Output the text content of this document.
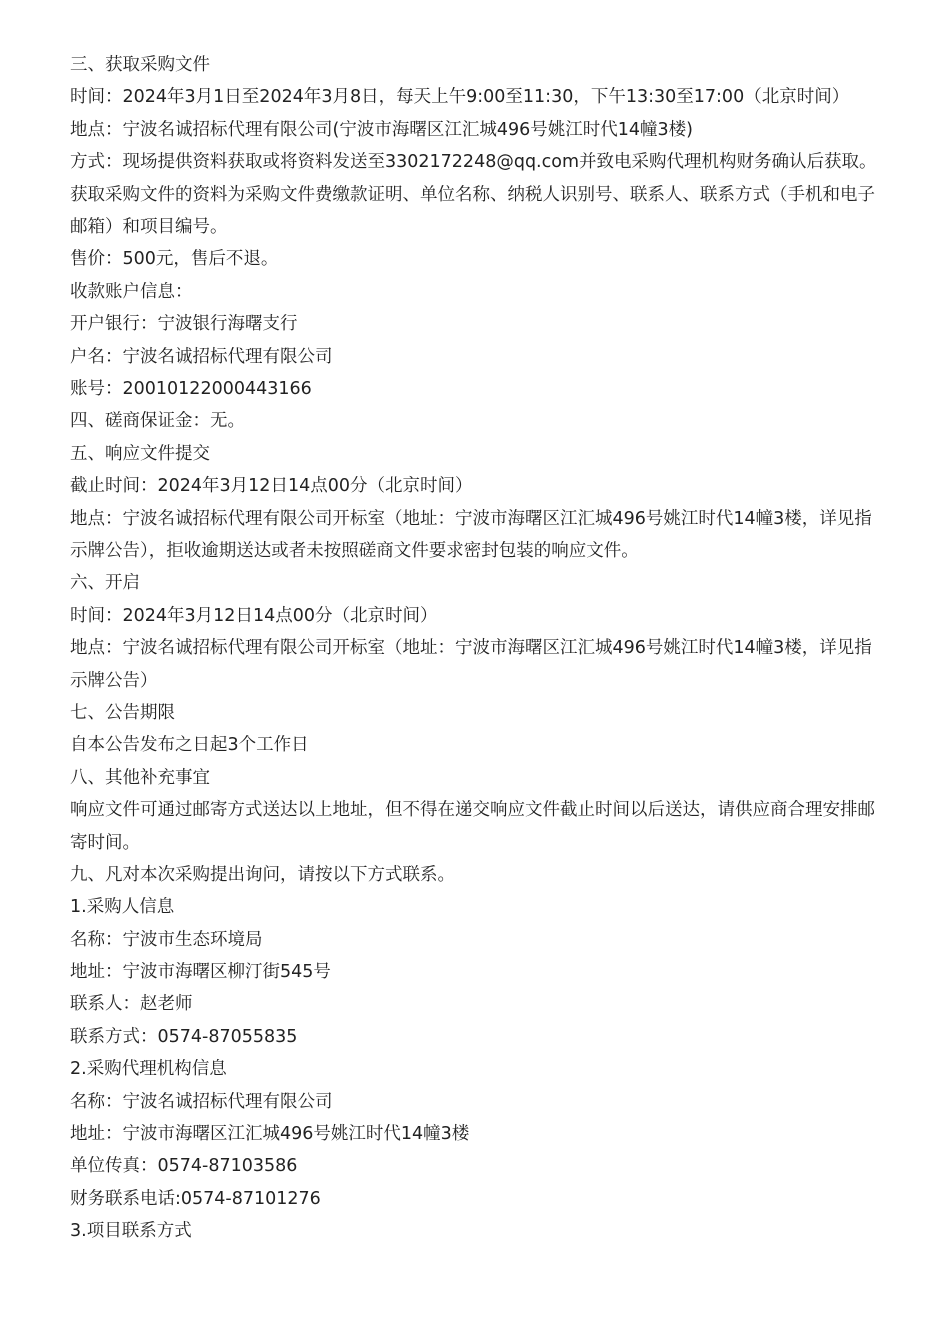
三、获取采购文件
时间：2024年3月1日至2024年3月8日，每天上午9:00至11:30，下午13:30至17:00（北京时间）
地点：宁波名诚招标代理有限公司(宁波市海曙区江汇城496号姚江时代14幢3楼)
方式：现场提供资料获取或将资料发送至3302172248@qq.com并致电采购代理机构财务确认后获取。获取采购文件的资料为采购文件费缴款证明、单位名称、纳税人识别号、联系人、联系方式（手机和电子邮箱）和项目编号。
售价：500元，售后不退。
收款账户信息：
开户银行：宁波银行海曙支行
户名：宁波名诚招标代理有限公司
账号：20010122000443166
四、磋商保证金：无。
五、响应文件提交
截止时间：2024年3月12日14点00分（北京时间）
地点：宁波名诚招标代理有限公司开标室（地址：宁波市海曙区江汇城496号姚江时代14幢3楼，详见指示牌公告），拒收逾期送达或者未按照磋商文件要求密封包装的响应文件。
六、开启
时间：2024年3月12日14点00分（北京时间）
地点：宁波名诚招标代理有限公司开标室（地址：宁波市海曙区江汇城496号姚江时代14幢3楼，详见指示牌公告）
七、公告期限
自本公告发布之日起3个工作日
八、其他补充事宜
响应文件可通过邮寄方式送达以上地址，但不得在递交响应文件截止时间以后送达，请供应商合理安排邮寄时间。
九、凡对本次采购提出询问，请按以下方式联系。
1.采购人信息
名称：宁波市生态环境局
地址：宁波市海曙区柳汀街545号
联系人：赵老师
联系方式：0574-87055835
2.采购代理机构信息
名称：宁波名诚招标代理有限公司
地址：宁波市海曙区江汇城496号姚江时代14幢3楼
单位传真：0574-87103586
财务联系电话:0574-87101276
3.项目联系方式
